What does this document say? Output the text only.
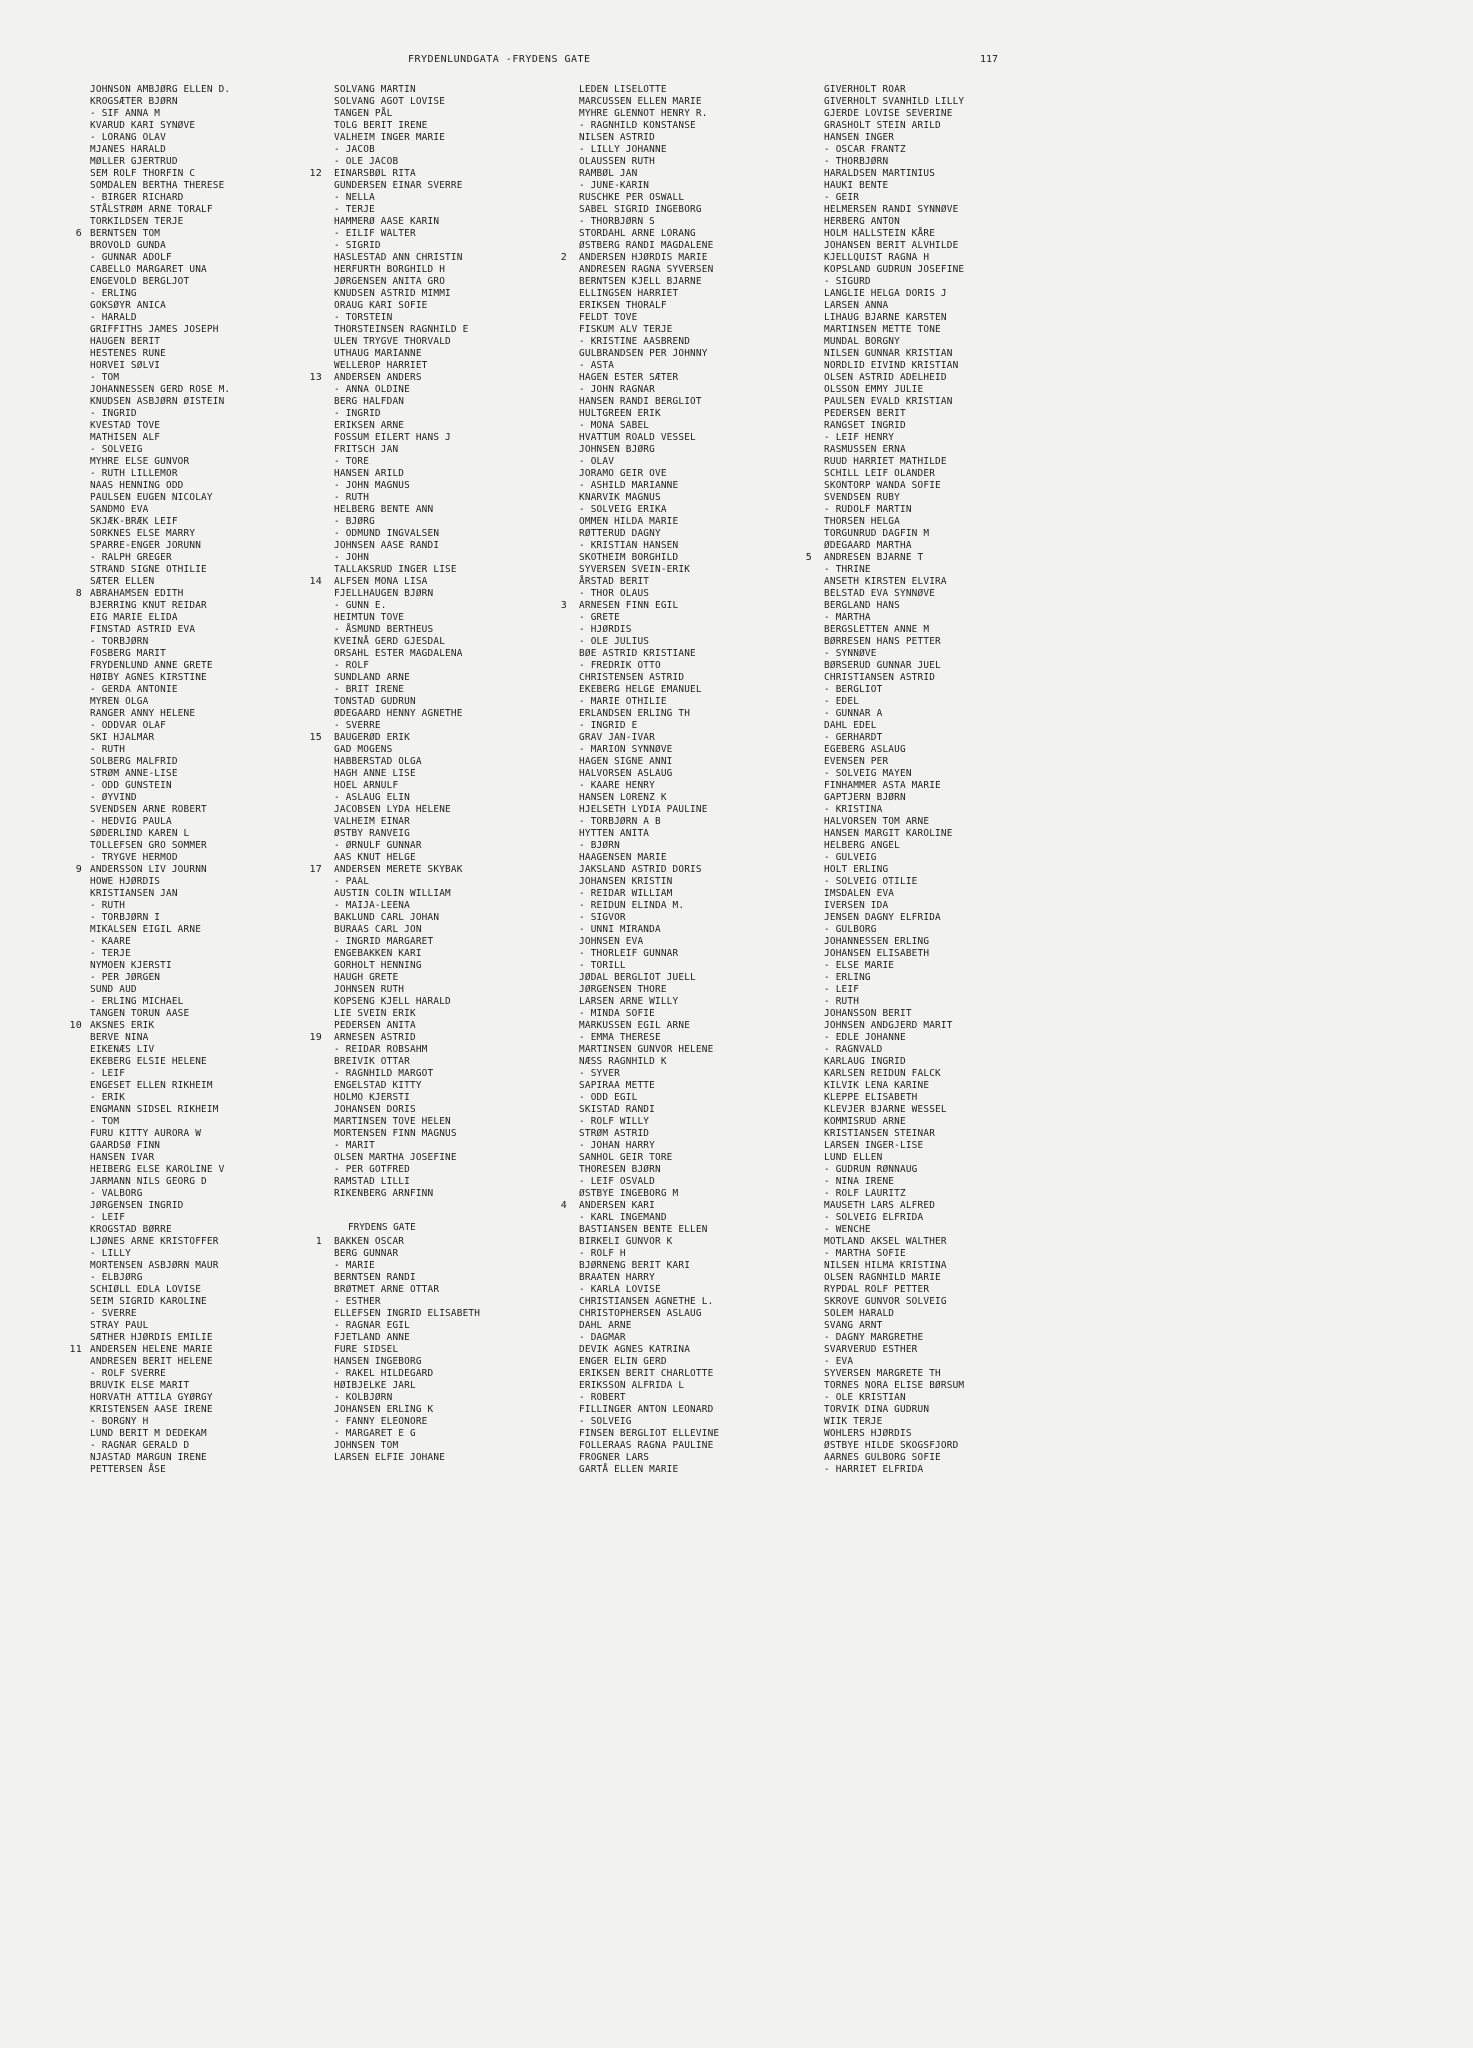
FRYDENLUNDGATA -FRYDENS GATE	117
JOHNSON AMBJØRG ELLEN D.
KROGSÆTER BJØRN
- SIF ANNA M
KVARUD KARI SYNØVE
- LORANG OLAV
MJANES HARALD
MØLLER GJERTRUD
SEM ROLF THORFIN C
SOMDALEN BERTHA THERESE
- BIRGER RICHARD
STÅLSTRØM ARNE TORALF
TORKILDSEN TERJE
6 BERNTSEN TOM
BROVOLD GUNDA
- GUNNAR ADOLF
CABELLO MARGARET UNA
ENGEVOLD BERGLJOT
- ERLING
GOKSØYR ANICA
- HARALD
GRIFFITHS JAMES JOSEPH
HAUGEN BERIT
HESTENES RUNE
HORVEI SØLVI
- TOM
JOHANNESSEN GERD ROSE M.
KNUDSEN ASBJØRN ØISTEIN
- INGRID
KVESTAD TOVE
MATHISEN ALF
- SOLVEIG
MYHRE ELSE GUNVOR
- RUTH LILLEMOR
NAAS HENNING ODD
PAULSEN EUGEN NICOLAY
SANDMO EVA
SKJÆK-BRÆK LEIF
SORKNES ELSE MARRY
SPARRE-ENGER JORUNN
- RALPH GREGER
STRAND SIGNE OTHILIE
SÆTER ELLEN
8 ABRAHAMSEN EDITH
BJERRING KNUT REIDAR
EIG MARIE ELIDA
FINSTAD ASTRID EVA
- TORBJØRN
FOSBERG MARIT
FRYDENLUND ANNE GRETE
HØIBY AGNES KIRSTINE
- GERDA ANTONIE
MYREN OLGA
RANGER ANNY HELENE
- ODDVAR OLAF
SKI HJALMAR
- RUTH
SOLBERG MALFRID
STRØM ANNE-LISE
- ODD GUNSTEIN
- ØYVIND
SVENDSEN ARNE ROBERT
- HEDVIG PAULA
SØDERLIND KAREN L
TOLLEFSEN GRO SOMMER
- TRYGVE HERMOD
9 ANDERSSON LIV JOURNN
HOWE HJØRDIS
KRISTIANSEN JAN
- RUTH
- TORBJØRN I
MIKALSEN EIGIL ARNE
- KAARE
- TERJE
NYMOEN KJERSTI
- PER JØRGEN
SUND AUD
- ERLING MICHAEL
TANGEN TORUN AASE
10 AKSNES ERIK
BERVE NINA
EIKENÆS LIV
EKEBERG ELSIE HELENE
- LEIF
ENGESET ELLEN RIKHEIM
- ERIK
ENGMANN SIDSEL RIKHEIM
- TOM
FURU KITTY AURORA W
GAARDSØ FINN
HANSEN IVAR
HEIBERG ELSE KAROLINE V
JARMANN NILS GEORG D
- VALBORG
JØRGENSEN INGRID
- LEIF
KROGSTAD BØRRE
LJØNES ARNE KRISTOFFER
- LILLY
MORTENSEN ASBJØRN MAUR
- ELBJØRG
SCHIØLL EDLA LOVISE
SEIM SIGRID KAROLINE
- SVERRE
STRAY PAUL
SÆTHER HJØRDIS EMILIE
11 ANDERSEN HELENE MARIE
ANDRESEN BERIT HELENE
- ROLF SVERRE
BRUVIK ELSE MARIT
HORVATH ATTILA GYØRGY
KRISTENSEN AASE IRENE
- BORGNY H
LUND BERIT M DEDEKAM
- RAGNAR GERALD D
NJASTAD MARGUN IRENE
PETTERSEN ÅSE
SOLVANG MARTIN
SOLVANG AGOT LOVISE
TANGEN PÅL
TOLG BERIT IRENE
VALHEIM INGER MARIE
- JACOB
- OLE JACOB
12 EINARSBØL RITA
GUNDERSEN EINAR SVERRE
- NELLA
- TERJE
HAMMERØ AASE KARIN
- EILIF WALTER
- SIGRID
HASLESTAD ANN CHRISTIN
HERFURTH BORGHILD H
JØRGENSEN ANITA GRO
KNUDSEN ASTRID MIMMI
ORAUG KARI SOFIE
- TORSTEIN
THORSTEINSEN RAGNHILD E
ULEN TRYGVE THORVALD
UTHAUG MARIANNE
WELLEROP HARRIET
13 ANDERSEN ANDERS
- ANNA OLDINE
BERG HALFDAN
- INGRID
ERIKSEN ARNE
FOSSUM EILERT HANS J
FRITSCH JAN
- TORE
HANSEN ARILD
- JOHN MAGNUS
- RUTH
HELBERG BENTE ANN
- BJØRG
- ODMUND INGVALSEN
JOHNSEN AASE RANDI
- JOHN
TALLAKSRUD INGER LISE
14 ALFSEN MONA LISA
FJELLHAUGEN BJØRN
- GUNN E.
HEIMTUN TOVE
- ÅSMUND BERTHEUS
KVEINÅ GERD GJESDAL
ORSAHL ESTER MAGDALENA
- ROLF
SUNDLAND ARNE
- BRIT IRENE
TONSTAD GUDRUN
ØDEGAARD HENNY AGNETHE
- SVERRE
15 BAUGERØD ERIK
GAD MOGENS
HABBERSTAD OLGA
HAGH ANNE LISE
HOEL ARNULF
- ASLAUG ELIN
JACOBSEN LYDA HELENE
VALHEIM EINAR
ØSTBY RANVEIG
- ØRNULF GUNNAR
AAS KNUT HELGE
17 ANDERSEN MERETE SKYBAK
- PAAL
AUSTIN COLIN WILLIAM
- MAIJA-LEENA
BAKLUND CARL JOHAN
BURAAS CARL JON
- INGRID MARGARET
ENGEBAKKEN KARI
GORHOLT HENNING
HAUGH GRETE
JOHNSEN RUTH
KOPSENG KJELL HARALD
LIE SVEIN ERIK
PEDERSEN ANITA
19 ARNESEN ASTRID
- REIDAR ROBSAHM
BREIVIK OTTAR
- RAGNHILD MARGOT
ENGELSTAD KITTY
HOLMO KJERSTI
JOHANSEN DORIS
MARTINSEN TOVE HELEN
MORTENSEN FINN MAGNUS
- MARIT
OLSEN MARTHA JOSEFINE
- PER GOTFRED
RAMSTAD LILLI
RIKENBERG ARNFINN
1 BAKKEN OSCAR
BERG GUNNAR
- MARIE
BERNTSEN RANDI
BRØTMET ARNE OTTAR
- ESTHER
ELLEFSEN INGRID ELISABETH
- RAGNAR EGIL
FJETLAND ANNE
FURE SIDSEL
HANSEN INGEBORG
- RAKEL HILDEGARD
HØIBJELKE JARL
- KOLBJØRN
JOHANSEN ERLING K
- FANNY ELEONORE
- MARGARET E G
JOHNSEN TOM
LARSEN ELFIE JOHANE
LEDEN LISELOTTE
MARCUSSEN ELLEN MARIE
MYHRE GLENNOT HENRY R.
- RAGNHILD KONSTANSE
NILSEN ASTRID
- LILLY JOHANNE
OLAUSSEN RUTH
RAMBØL JAN
- JUNE-KARIN
RUSCHKE PER OSWALL
SABEL SIGRID INGEBORG
- THORBJØRN S
STORDAHL ARNE LORANG
ØSTBERG RANDI MAGDALENE
2 ANDERSEN HJØRDIS MARIE
ANDRESEN RAGNA SYVERSEN
BERNTSEN KJELL BJARNE
ELLINGSEN HARRIET
ERIKSEN THORALF
FELDT TOVE
FISKUM ALV TERJE
- KRISTINE AASBREND
GULBRANDSEN PER JOHNNY
- ASTA
HAGEN ESTER SÆTER
- JOHN RAGNAR
HANSEN RANDI BERGLIOT
HULTGREEN ERIK
- MONA SABEL
HVATTUM ROALD VESSEL
JOHNSEN BJØRG
- OLAV
JORAMO GEIR OVE
- ASHILD MARIANNE
KNARVIK MAGNUS
- SOLVEIG ERIKA
OMMEN HILDA MARIE
RØTTERUD DAGNY
- KRISTIAN HANSEN
SKOTHEIM BORGHILD
SYVERSEN SVEIN-ERIK
ÅRSTAD BERIT
- THOR OLAUS
3 ARNESEN FINN EGIL
- GRETE
- HJØRDIS
- OLE JULIUS
BØE ASTRID KRISTIANE
- FREDRIK OTTO
CHRISTENSEN ASTRID
EKEBERG HELGE EMANUEL
- MARIE OTHILIE
ERLANDSEN ERLING TH
- INGRID E
GRAV JAN-IVAR
- MARION SYNNØVE
HAGEN SIGNE ANNI
HALVORSEN ASLAUG
- KAARE HENRY
HANSEN LORENZ K
HJELSETH LYDIA PAULINE
- TORBJØRN A B
HYTTEN ANITA
- BJØRN
HAAGENSEN MARIE
JAKSLAND ASTRID DORIS
JOHANSEN KRISTIN
- REIDAR WILLIAM
- REIDUN ELINDA M.
- SIGVOR
- UNNI MIRANDA
JOHNSEN EVA
- THORLEIF GUNNAR
- TORILL
JØDAL BERGLIOT JUELL
JØRGENSEN THORE
LARSEN ARNE WILLY
- MINDA SOFIE
MARKUSSEN EGIL ARNE
- EMMA THERESE
MARTINSEN GUNVOR HELENE
NÆSS RAGNHILD K
- SYVER
SAPIRAA METTE
- ODD EGIL
SKISTAD RANDI
- ROLF WILLY
STRØM ASTRID
- JOHAN HARRY
SANHOL GEIR TORE
THORESEN BJØRN
- LEIF OSVALD
ØSTBYE INGEBORG M
4 ANDERSEN KARI
- KARL INGEMAND
BASTIANSEN BENTE ELLEN
BIRKELI GUNVOR K
- ROLF H
BJØRNENG BERIT KARI
BRAATEN HARRY
- KARLA LOVISE
CHRISTIANSEN AGNETHE L.
CHRISTOPHERSEN ASLAUG
DAHL ARNE
- DAGMAR
DEVIK AGNES KATRINA
ENGER ELIN GERD
ERIKSEN BERIT CHARLOTTE
ERIKSSON ALFRIDA L
- ROBERT
FILLINGER ANTON LEONARD
- SOLVEIG
FINSEN BERGLIOT ELLEVINE
FOLLERAAS RAGNA PAULINE
FROGNER LARS
GARTÅ ELLEN MARIE
GIVERHOLT ROAR
GIVERHOLT SVANHILD LILLY
GJERDE LOVISE SEVERINE
GRASHOLT STEIN ARILD
HANSEN INGER
- OSCAR FRANTZ
- THORBJØRN
HARALDSEN MARTINIUS
HAUKI BENTE
- GEIR
HELMERSEN RANDI SYNNØVE
HERBERG ANTON
HOLM HALLSTEIN KÅRE
JOHANSEN BERIT ALVHILDE
KJELLQUIST RAGNA H
KOPSLAND GUDRUN JOSEFINE
- SIGURD
LANGLIE HELGA DORIS J
LARSEN ANNA
LIHAUG BJARNE KARSTEN
MARTINSEN METTE TONE
MUNDAL BORGNY
NILSEN GUNNAR KRISTIAN
NORDLID EIVIND KRISTIAN
OLSEN ASTRID ADELHEID
OLSSON EMMY JULIE
PAULSEN EVALD KRISTIAN
PEDERSEN BERIT
RANGSET INGRID
- LEIF HENRY
RASMUSSEN ERNA
RUUD HARRIET MATHILDE
SCHILL LEIF OLANDER
SKONTORP WANDA SOFIE
SVENDSEN RUBY
- RUDOLF MARTIN
THORSEN HELGA
TORGUNRUD DAGFIN M
ØDEGAARD MARTHA
5 ANDRESEN BJARNE T
- THRINE
ANSETH KIRSTEN ELVIRA
BELSTAD EVA SYNNØVE
BERGLAND HANS
- MARTHA
BERGSLETTEN ANNE M
BØRRESEN HANS PETTER
- SYNNØVE
BØRSERUD GUNNAR JUEL
CHRISTIANSEN ASTRID
- BERGLIOT
- EDEL
- GUNNAR A
DAHL EDEL
- GERHARDT
EGEBERG ASLAUG
EVENSEN PER
- SOLVEIG MAYEN
FINHAMMER ASTA MARIE
GAPTJERN BJØRN
- KRISTINA
HALVORSEN TOM ARNE
HANSEN MARGIT KAROLINE
HELBERG ANGEL
- GULVEIG
HOLT ERLING
- SOLVEIG OTILIE
IMSDALEN EVA
IVERSEN IDA
JENSEN DAGNY ELFRIDA
- GULBORG
JOHANNESSEN ERLING
JOHANSEN ELISABETH
- ELSE MARIE
- ERLING
- LEIF
- RUTH
JOHANSSON BERIT
JOHNSEN ANDGJERD MARIT
- EDLE JOHANNE
- RAGNVALD
KARLAUG INGRID
KARLSEN REIDUN FALCK
KILVIK LENA KARINE
KLEPPE ELISABETH
KLEVJER BJARNE WESSEL
KOMMISRUD ARNE
KRISTIANSEN STEINAR
LARSEN INGER-LISE
LUND ELLEN
- GUDRUN RØNNAUG
- NINA IRENE
- ROLF LAURITZ
MAUSETH LARS ALFRED
- SOLVEIG ELFRIDA
- WENCHE
MOTLAND AKSEL WALTHER
- MARTHA SOFIE
NILSEN HILMA KRISTINA
OLSEN RAGNHILD MARIE
RYPDAL ROLF PETTER
SKROVE GUNVOR SOLVEIG
SOLEM HARALD
SVANG ARNT
- DAGNY MARGRETHE
SVARVERUD ESTHER
- EVA
SYVERSEN MARGRETE TH
TORNES NORA ELISE BØRSUM
- OLE KRISTIAN
TORVIK DINA GUDRUN
WIIK TERJE
WOHLERS HJØRDIS
ØSTBYE HILDE SKOGSFJORD
AARNES GULBORG SOFIE
- HARRIET ELFRIDA
FRYDENS GATE
